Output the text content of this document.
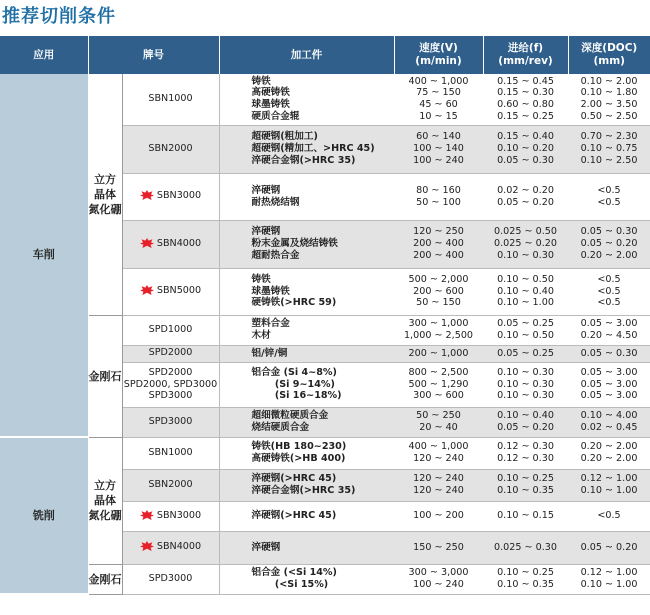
推荐切削条件
应用	牌号		加工件	速度(V)
(m/min)	进给(f)
(mm/rev)	深度(DOC)
(mm)
车削	立方
晶体
氮化硼	SBN1000	铸铁
高硬铸铁
球墨铸铁
硬质合金辊	400 ~ 1,000
75 ~ 150
45 ~ 60
10 ~ 15	0.15 ~ 0.45
0.15 ~ 0.30
0.60 ~ 0.80
0.15 ~ 0.25	0.10 ~ 2.00
0.10 ~ 1.80
2.00 ~ 3.50
0.50 ~ 2.50
		SBN2000	超硬钢(粗加工)
超硬钢(精加工、>HRC 45)
淬硬合金钢(>HRC 35)	60 ~ 140
100 ~ 140
100 ~ 240	0.15 ~ 0.40
0.10 ~ 0.20
0.05 ~ 0.30	0.70 ~ 2.30
0.10 ~ 0.75
0.10 ~ 2.50
		SBN3000	淬硬钢
耐热烧结钢	80 ~ 160
50 ~ 100	0.02 ~ 0.20
0.05 ~ 0.20	<0.5
<0.5
		SBN4000	淬硬钢
粉末金属及烧结铸铁
超耐热合金	120 ~ 250
200 ~ 400
200 ~ 400	0.025 ~ 0.50
0.025 ~ 0.20
0.10 ~ 0.30	0.05 ~ 0.30
0.05 ~ 0.20
0.20 ~ 2.00
		SBN5000	铸铁
球墨铸铁
硬铸铁(>HRC 59)	500 ~ 2,000
200 ~ 600
50 ~ 150	0.10 ~ 0.50
0.10 ~ 0.40
0.10 ~ 1.00	<0.5
<0.5
<0.5
	金刚石	SPD1000	塑料合金
木材	300 ~ 1,000
1,000 ~ 2,500	0.05 ~ 0.25
0.10 ~ 0.50	0.05 ~ 3.00
0.20 ~ 4.50
		SPD2000	铝/锌/铜	200 ~ 1,000	0.05 ~ 0.25	0.05 ~ 0.30
		SPD2000
SPD2000, SPD3000
SPD3000	铝合金 (Si 4~8%)
(Si 9~14%)
(Si 16~18%)	800 ~ 2,500
500 ~ 1,290
300 ~ 600	0.10 ~ 0.30
0.10 ~ 0.30
0.10 ~ 0.30	0.05 ~ 3.00
0.05 ~ 3.00
0.05 ~ 3.00
		SPD3000	超细微粒硬质合金
烧结硬质合金	50 ~ 250
20 ~ 40	0.10 ~ 0.40
0.05 ~ 0.20	0.10 ~ 4.00
0.02 ~ 0.45
铣削	立方
晶体
氮化硼	SBN1000	铸铁(HB 180~230)
高硬铸铁(>HB 400)	400 ~ 1,000
120 ~ 240	0.12 ~ 0.30
0.12 ~ 0.30	0.20 ~ 2.00
0.20 ~ 2.00
		SBN2000	淬硬钢(>HRC 45)
淬硬合金钢(>HRC 35)	120 ~ 240
120 ~ 240	0.10 ~ 0.25
0.10 ~ 0.35	0.12 ~ 1.00
0.10 ~ 1.00
		SBN3000	淬硬钢(>HRC 45)	100 ~ 200	0.10 ~ 0.15	<0.5
		SBN4000	淬硬钢	150 ~ 250	0.025 ~ 0.30	0.05 ~ 0.20
	金刚石	SPD3000	铝合金 (<Si 14%)
(<Si 15%)	300 ~ 3,000
100 ~ 240	0.10 ~ 0.25
0.10 ~ 0.35	0.12 ~ 1.00
0.10 ~ 1.00
